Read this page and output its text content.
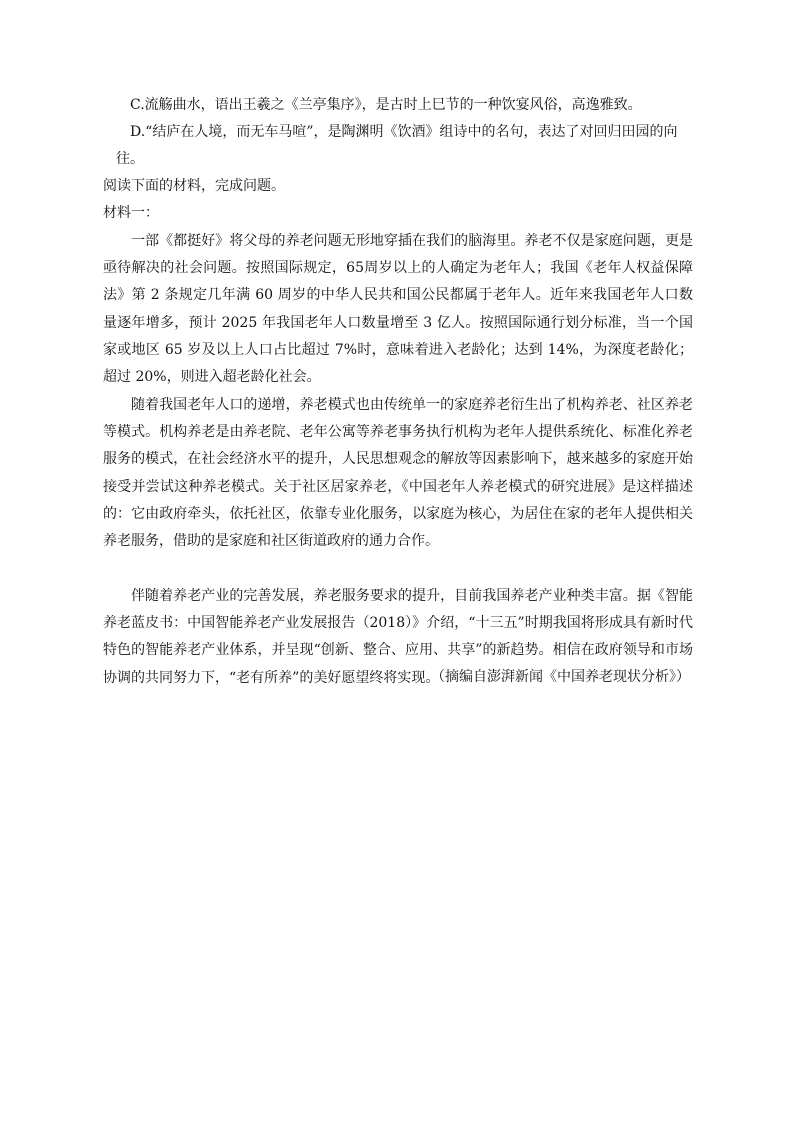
C.流觞曲水，语出王羲之《兰亭集序》，是古时上巳节的一种饮宴风俗，高逸雅致。
D.“结庐在人境，而无车马喧”，是陶渊明《饮酒》组诗中的名句，表达了对回归田园的向
往。
阅读下面的材料，完成问题。
材料一：

一部《都挺好》将父母的养老问题无形地穿插在我们的脑海里。养老不仅是家庭问题，更是亟待解决的社会问题。按照国际规定，65周岁以上的人确定为老年人；我国《老年人权益保障法》第 2 条规定几年满 60 周岁的中华人民共和国公民都属于老年人。近年来我国老年人口数量逐年增多，预计 2025 年我国老年人口数量增至 3 亿人。按照国际通行划分标准，当一个国家或地区 65 岁及以上人口占比超过 7%时，意味着进入老龄化；达到 14%，为深度老龄化；超过 20%，则进入超老龄化社会。

随着我国老年人口的递增，养老模式也由传统单一的家庭养老衍生出了机构养老、社区养老等模式。机构养老是由养老院、老年公寓等养老事务执行机构为老年人提供系统化、标准化养老服务的模式，在社会经济水平的提升，人民思想观念的解放等因素影响下，越来越多的家庭开始接受并尝试这种养老模式。关于社区居家养老，《中国老年人养老模式的研究进展》是这样描述的：它由政府牵头，依托社区，依靠专业化服务，以家庭为核心，为居住在家的老年人提供相关养老服务，借助的是家庭和社区街道政府的通力合作。

伴随着养老产业的完善发展，养老服务要求的提升，目前我国养老产业种类丰富。据《智能养老蓝皮书：中国智能养老产业发展报告（2018）》介绍，“十三五”时期我国将形成具有新时代特色的智能养老产业体系，并呈现“创新、整合、应用、共享”的新趋势。相信在政府领导和市场协调的共同努力下，“老有所养”的美好愿望终将实现。

（摘编自澎湃新闻《中国养老现状分析》）
